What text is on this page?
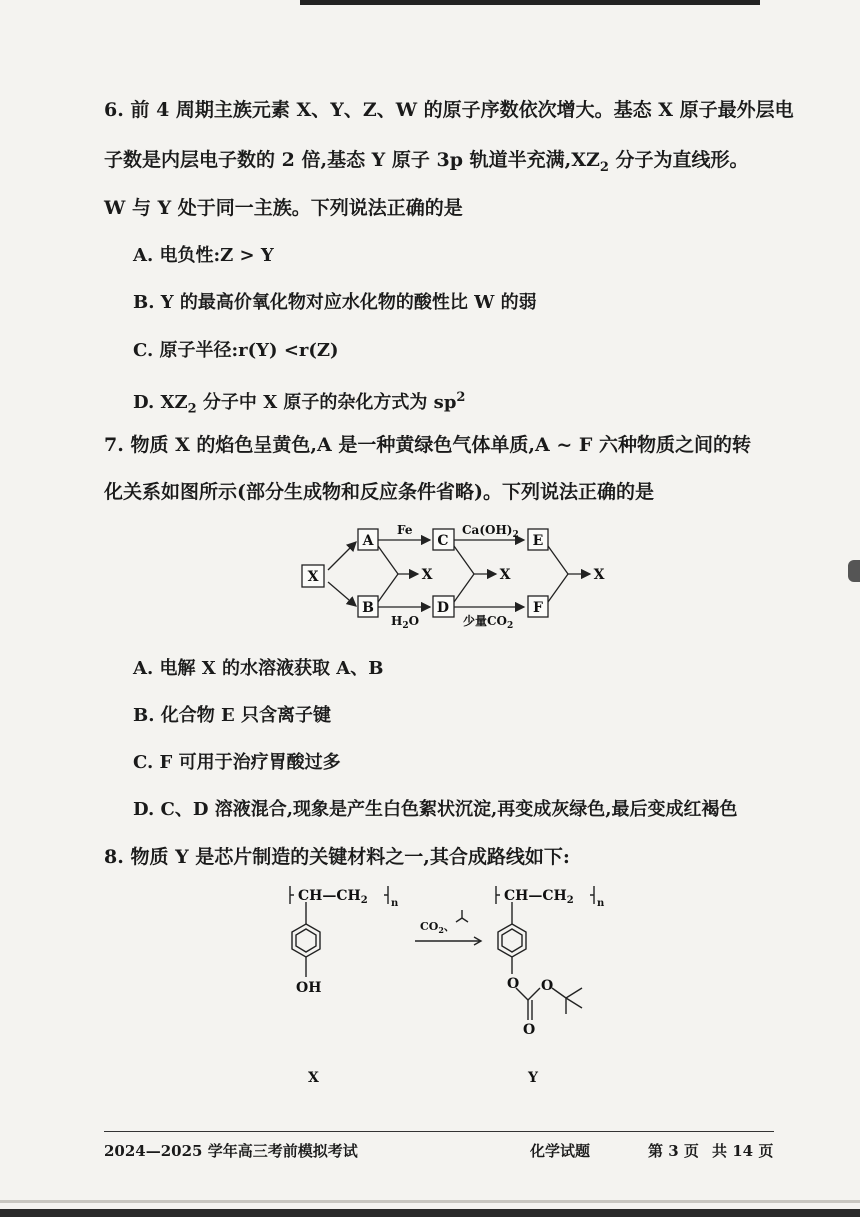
6. 前 4 周期主族元素 X、Y、Z、W 的原子序数依次增大。基态 X 原子最外层电
子数是内层电子数的 2 倍,基态 Y 原子 3p 轨道半充满$,XZ_2$ 分子为直线形。
W 与 Y 处于同一主族。下列说法正确的是
A. 电负性:Z > Y
B. Y 的最高价氧化物对应水化物的酸性比 W 的弱
C. 原子半径:r(Y) <r(Z)
D. $XZ_2$ 分子中 X 原子的杂化方式为 $sp^2$
7. 物质 X 的焰色呈黄色,A 是一种黄绿色气体单质,A ~ F 六种物质之间的转
化关系如图所示(部分生成物和反应条件省略)。下列说法正确的是
X
A
B
C
D
E
F
X	X	X
Fe	$Ca(OH)_2$
$H_2O$	少量$CO_2$
A. 电解 X 的水溶液获取 A、B
B. 化合物 E 只含离子键
C. F 可用于治疗胃酸过多
D. C、D 溶液混合,现象是产生白色絮状沉淀,再变成灰绿色,最后变成红褐色
8. 物质 Y 是芯片制造的关键材料之一,其合成路线如下:
$CH—CH_2$ n
OH
$CO_2$、
$CH—CH_2$ n
O O
O
X	Y
2024—2025 学年高三考前模拟考试	化学试题	第 3 页 共 14 页
